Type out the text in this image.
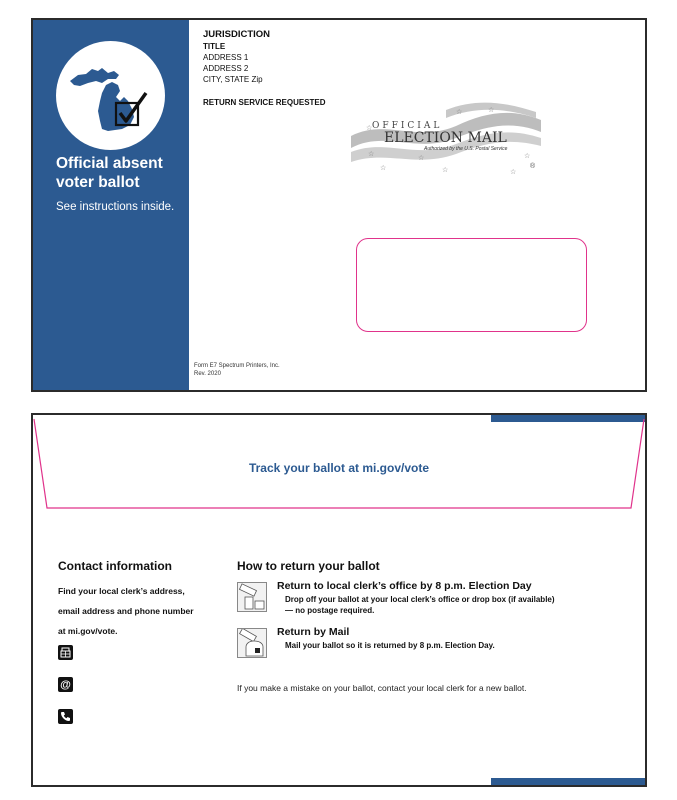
Official absent voter ballot
See instructions inside.
JURISDICTION
TITLE
ADDRESS 1
ADDRESS 2
CITY, STATE Zip
RETURN SERVICE REQUESTED
OFFICIAL
ELECTION MAIL
Authorized by the U.S. Postal Service
®
☆
☆	☆
☆
☆
☆
☆	☆
☆
Form E7 Spectrum Printers, Inc.
Rev. 2020
Track your ballot at mi.gov/vote
Contact information

Find your local clerk’s address,

email address and phone number

at mi.gov/vote.

@
How to return your ballot
Return to local clerk’s office by 8 p.m. Election Day
Drop off your ballot at your local clerk’s office or drop box (if available)
— no postage required.
Return by Mail
Mail your ballot so it is returned by 8 p.m. Election Day.
If you make a mistake on your ballot, contact your local clerk for a new ballot.
